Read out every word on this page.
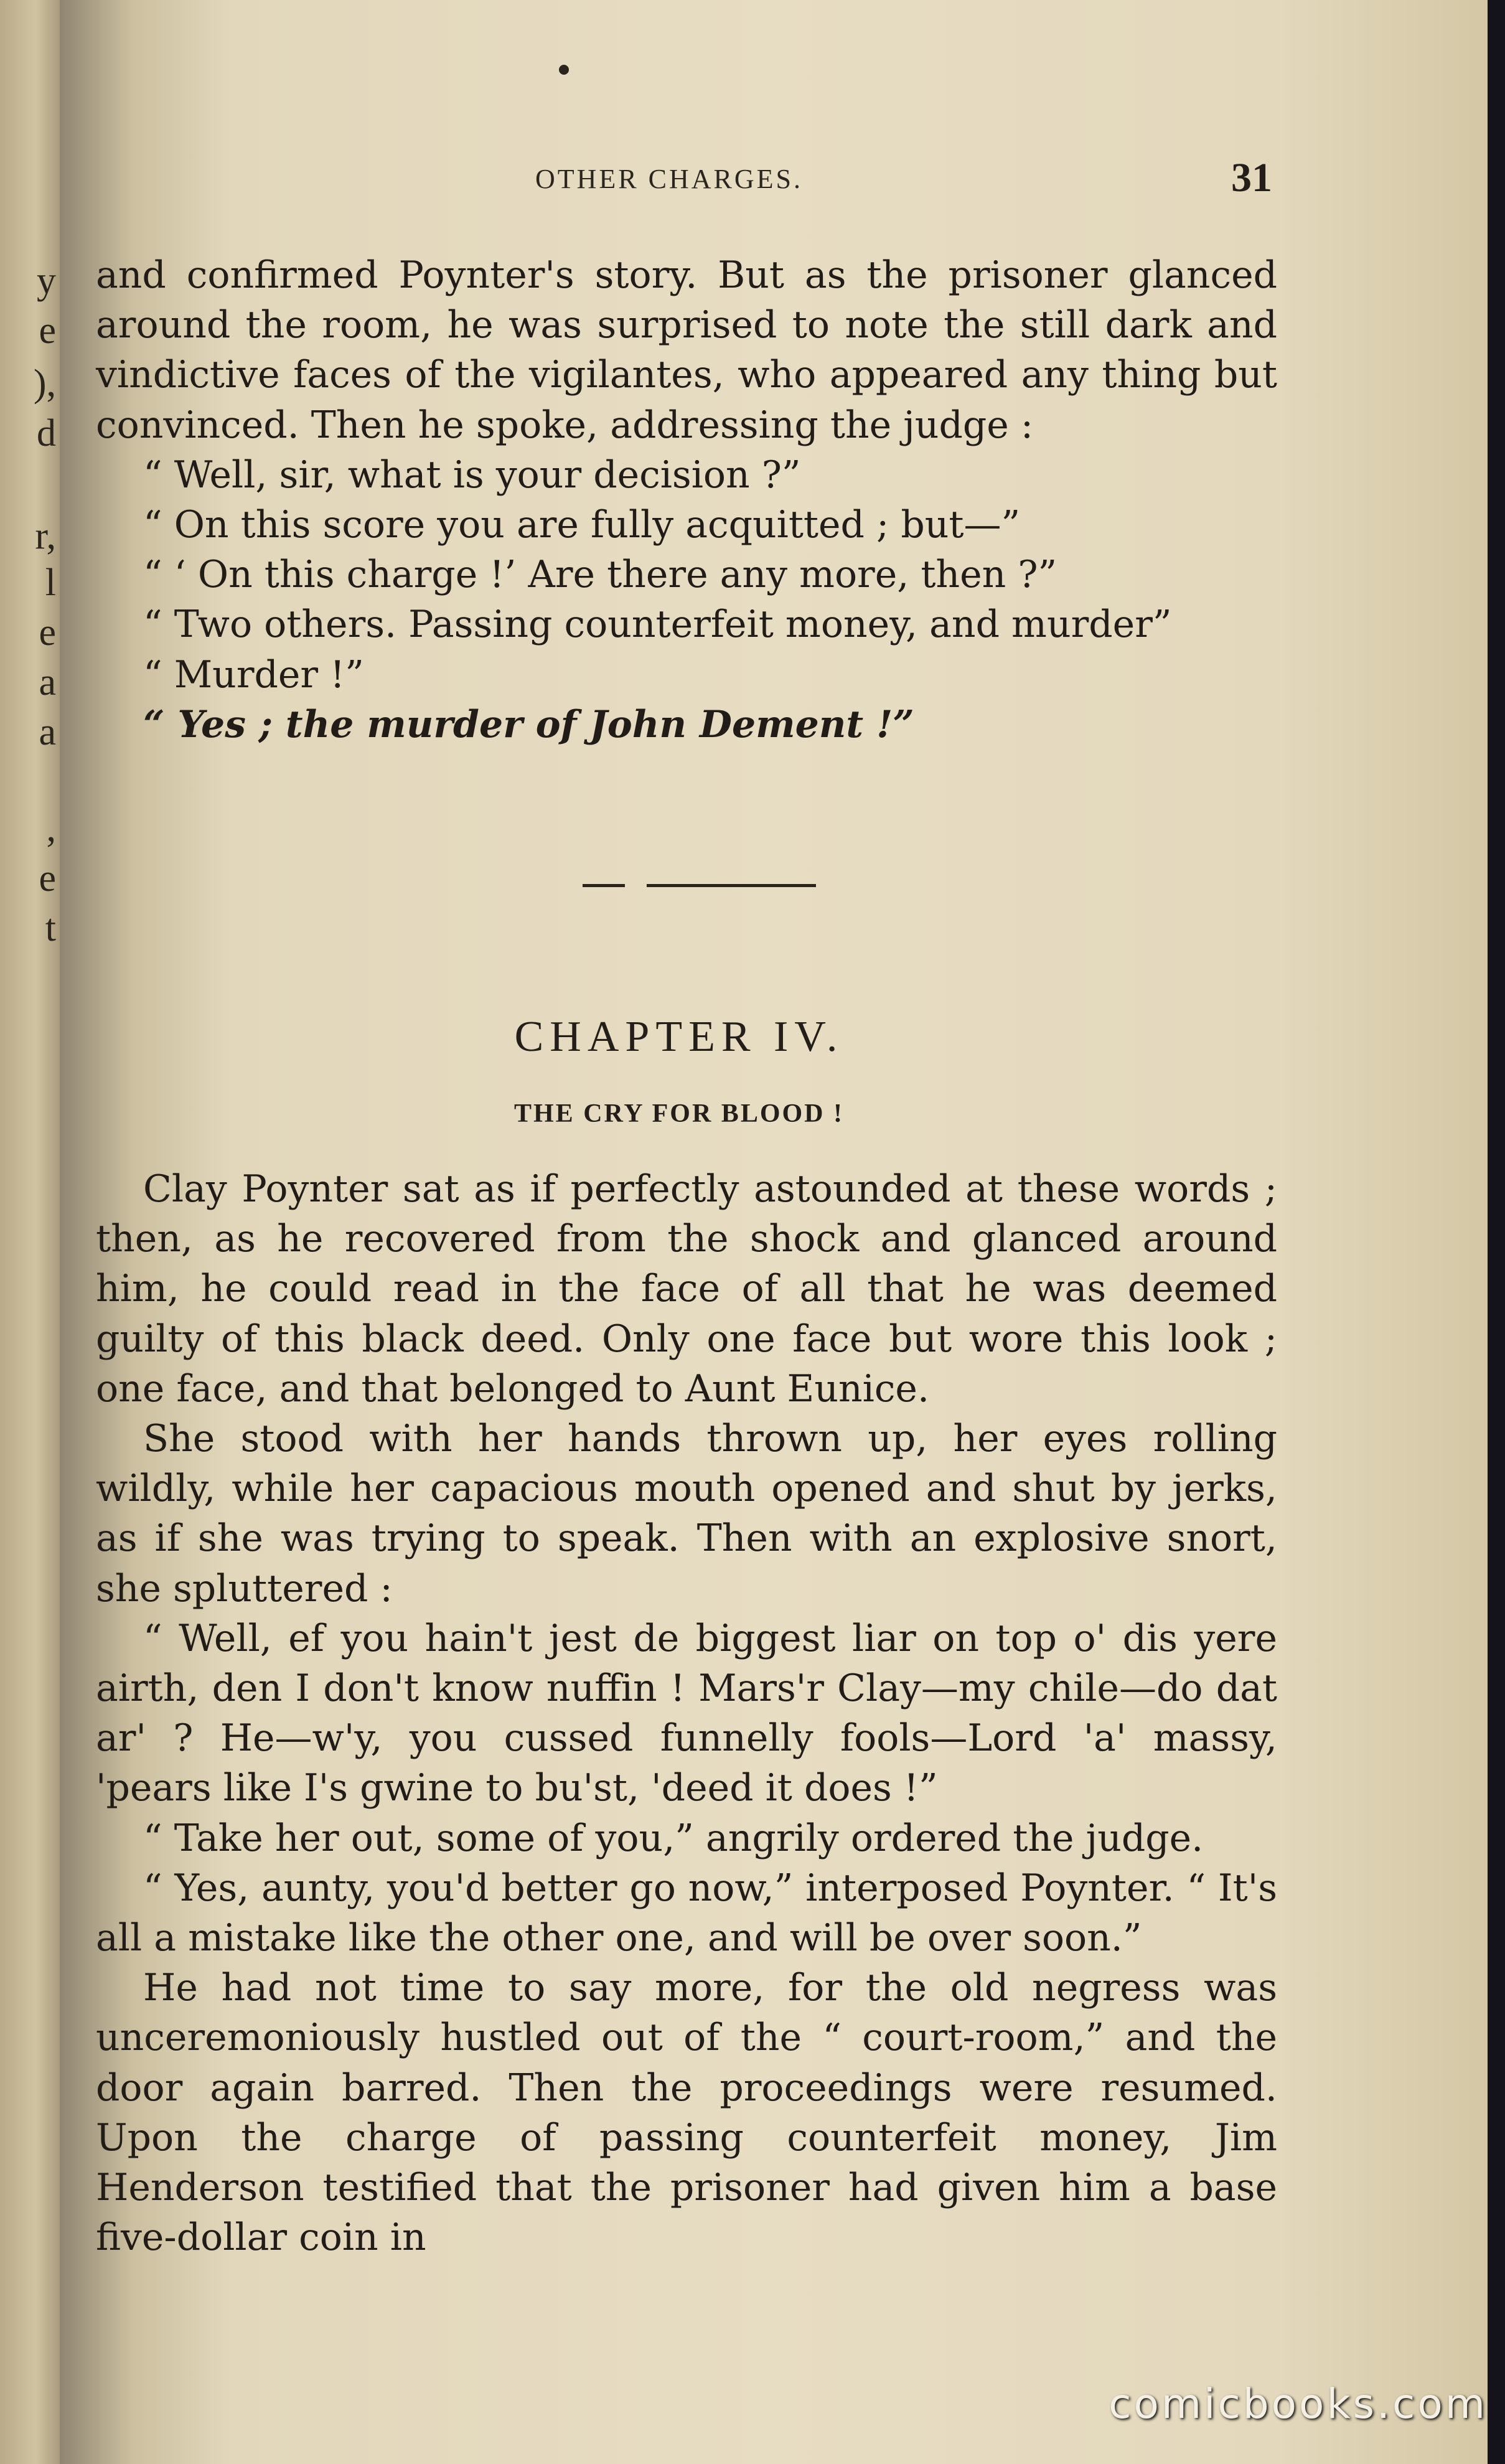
y
e
),
d
r,
l
e
a
a
,
e
t
OTHER CHARGES.	31

and confirmed Poynter's story. But as the prisoner glanced around the room, he was surprised to note the still dark and vindictive faces of the vigilantes, who appeared any thing but convinced. Then he spoke, addressing the judge :

“ Well, sir, what is your decision ?”

“ On this score you are fully acquitted ; but—”

“ ‘ On this charge !’ Are there any more, then ?”

“ Two others. Passing counterfeit money, and murder”

“ Murder !”

“ Yes ; the murder of John Dement !”

CHAPTER IV.
THE CRY FOR BLOOD !

Clay Poynter sat as if perfectly astounded at these words ; then, as he recovered from the shock and glanced around him, he could read in the face of all that he was deemed guilty of this black deed. Only one face but wore this look ; one face, and that belonged to Aunt Eunice.

She stood with her hands thrown up, her eyes rolling wildly, while her capacious mouth opened and shut by jerks, as if she was trying to speak. Then with an explosive snort, she spluttered :

“ Well, ef you hain't jest de biggest liar on top o' dis yere airth, den I don't know nuffin ! Mars'r Clay—my chile—do dat ar' ? He—w'y, you cussed funnelly fools—Lord 'a' massy, 'pears like I's gwine to bu'st, 'deed it does !”

“ Take her out, some of you,” angrily ordered the judge.

“ Yes, aunty, you'd better go now,” interposed Poynter. “ It's all a mistake like the other one, and will be over soon.”

He had not time to say more, for the old negress was unceremoniously hustled out of the “ court-room,” and the door again barred. Then the proceedings were resumed. Upon the charge of passing counterfeit money, Jim Henderson testified that the prisoner had given him a base five-dollar coin in

comicbooks.com
